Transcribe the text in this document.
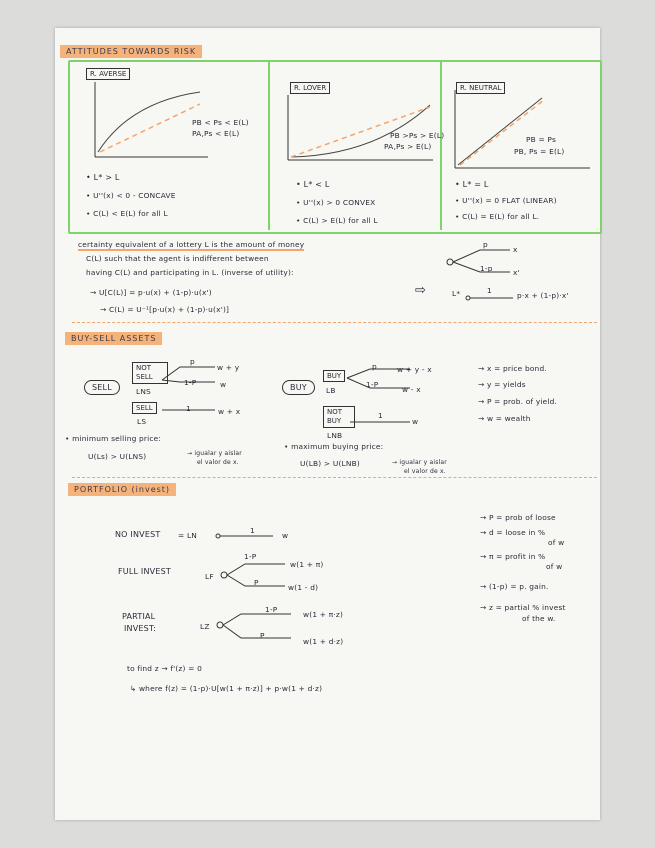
ATTITUDES TOWARDS RISK
R. AVERSE
PB < Ps < E(L)
PA,Ps < E(L)
• L* > L
• U''(x) < 0 - CONCAVE
• C(L) < E(L) for all L
R. LOVER
PB >Ps > E(L)
PA,Ps > E(L)
• L* < L
• U''(x) > 0 CONVEX
• C(L) > E(L) for all L
R. NEUTRAL
PB = Ps
PB, Ps = E(L)
• L* = L
• U''(x) = 0 FLAT (LINEAR)
• C(L) = E(L) for all L.
certainty equivalent of a lottery L is the amount of money
C(L) such that the agent is indifferent between
having C(L) and participating in L. (inverse of utility):
→ U[C(L)] = p·u(x) + (1-p)·u(x')
→ C(L) = U⁻¹[p·u(x) + (1-p)·u(x')]
p
x
1-p	x'
⇨	L*	1
p·x + (1-p)·x'
BUY-SELL ASSETS
SELL
NOT SELL
LNS
SELL
LS
p
w + y
1-P	w
1	w + x
BUY
BUY
LB
NOT BUY
LNB
p	w + y - x
1-P
w - x
1
w
→ x = price bond.
→ y = yields
→ P = prob. of yield.
→ w = wealth
• minimum selling price:
U(Ls) > U(LNS)	→ igualar y aislar
el valor de x.
• maximum buying price:
U(LB) > U(LNB)	→ igualar y aislar
el valor de x.
PORTFOLIO (invest)
NO INVEST = LN
1
w
FULL INVEST
LF
1-P
w(1 + π)
P
w(1 - d)
PARTIAL
INVEST:	LZ
1-P
w(1 + π·z)
P
w(1 + d·z)
to find z → f'(z) = 0
↳ where f(z) = (1-p)·U[w(1 + π·z)] + p·w(1 + d·z)
→ P = prob of loose
→ d = loose in %
of w
→ π = profit in %
of w
→ (1-p) = p. gain.
→ z = partial % invest
of the w.
